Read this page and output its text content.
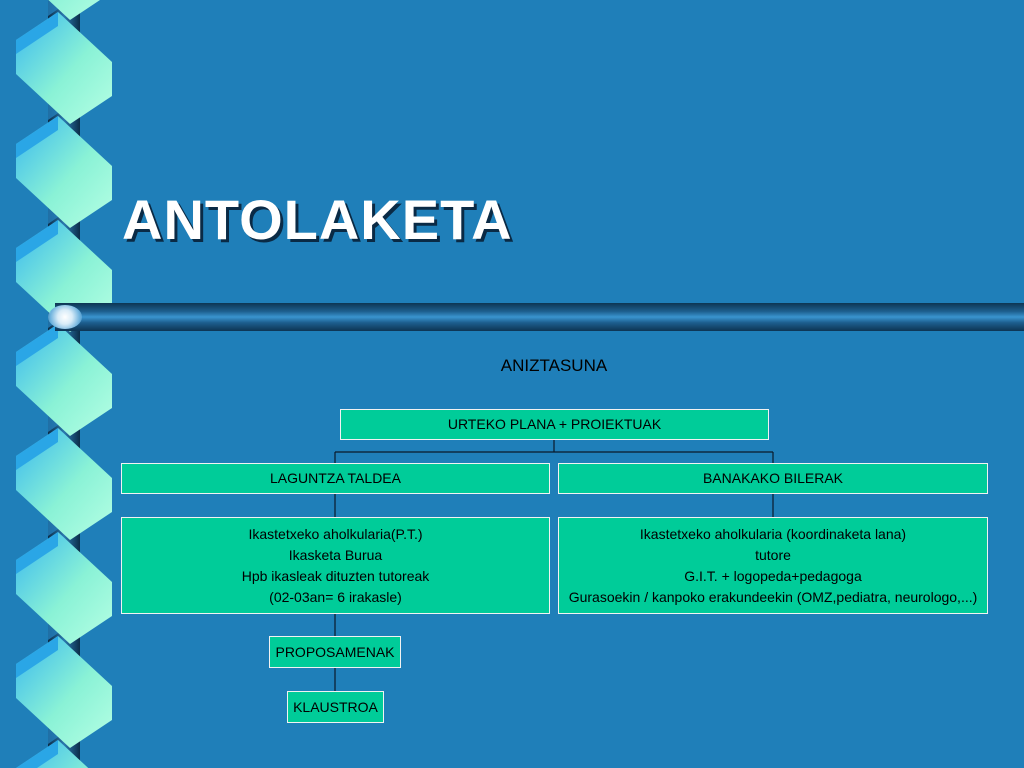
ANTOLAKETA
ANIZTASUNA
URTEKO PLANA + PROIEKTUAK
LAGUNTZA TALDEA	BANAKAKO BILERAK
Ikastetxeko aholkularia(P.T.)
Ikasketa Burua
Hpb ikasleak dituzten tutoreak
(02-03an= 6 irakasle)
Ikastetxeko aholkularia (koordinaketa lana)
tutore
G.I.T. + logopeda+pedagoga
Gurasoekin / kanpoko erakundeekin (OMZ,pediatra, neurologo,...)
PROPOSAMENAK
KLAUSTROA
